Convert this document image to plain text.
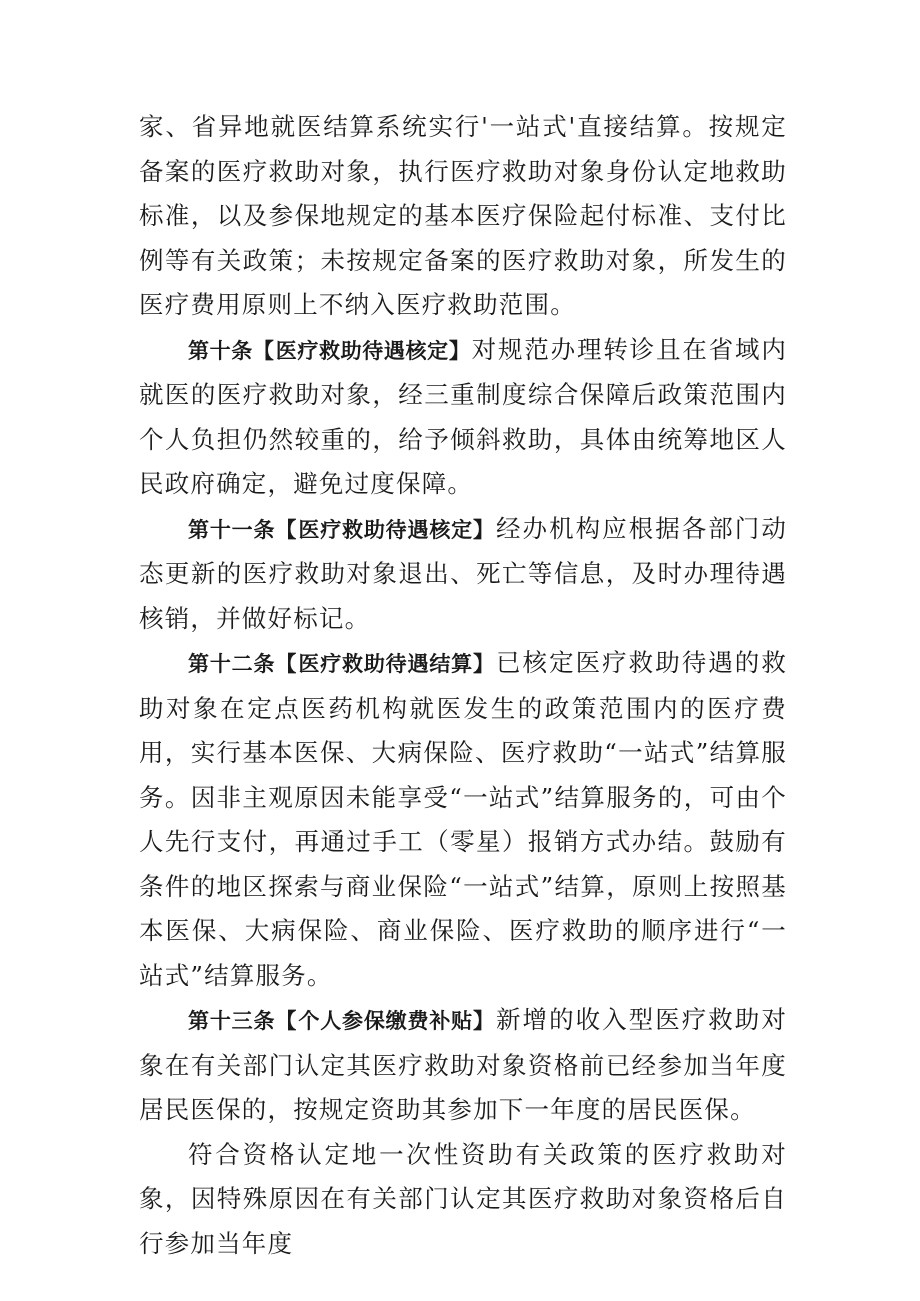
家、省异地就医结算系统实行'一站式'直接结算。按规定备案的医疗救助对象，执行医疗救助对象身份认定地救助标准，以及参保地规定的基本医疗保险起付标准、支付比例等有关政策；未按规定备案的医疗救助对象，所发生的医疗费用原则上不纳入医疗救助范围。

第十条【医疗救助待遇核定】对规范办理转诊且在省域内就医的医疗救助对象，经三重制度综合保障后政策范围内个人负担仍然较重的，给予倾斜救助，具体由统筹地区人民政府确定，避免过度保障。

第十一条【医疗救助待遇核定】经办机构应根据各部门动态更新的医疗救助对象退出、死亡等信息，及时办理待遇核销，并做好标记。

第十二条【医疗救助待遇结算】已核定医疗救助待遇的救助对象在定点医药机构就医发生的政策范围内的医疗费用，实行基本医保、大病保险、医疗救助“一站式”结算服务。因非主观原因未能享受“一站式”结算服务的，可由个人先行支付，再通过手工（零星）报销方式办结。鼓励有条件的地区探索与商业保险“一站式”结算，原则上按照基本医保、大病保险、商业保险、医疗救助的顺序进行“一站式”结算服务。

第十三条【个人参保缴费补贴】新增的收入型医疗救助对象在有关部门认定其医疗救助对象资格前已经参加当年度居民医保的，按规定资助其参加下一年度的居民医保。

符合资格认定地一次性资助有关政策的医疗救助对象，因特殊原因在有关部门认定其医疗救助对象资格后自行参加当年度
